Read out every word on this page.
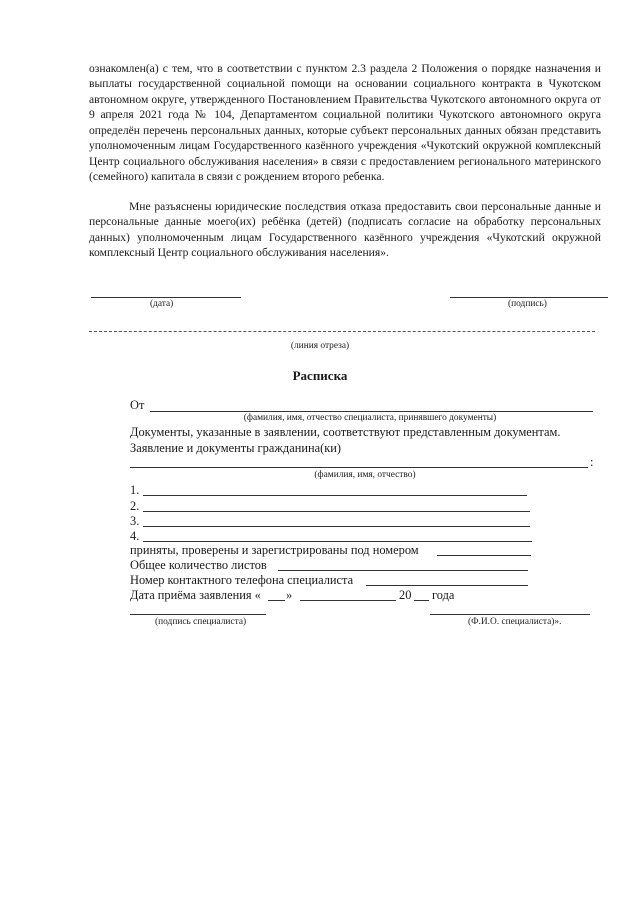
ознакомлен(а) с тем, что в соответствии с пунктом 2.3 раздела 2 Положения о порядке назначения и выплаты государственной социальной помощи на основании социального контракта в Чукотском автономном округе, утвержденного Постановлением Правительства Чукотского автономного округа от 9 апреля 2021 года № 104, Департаментом социальной политики Чукотского автономного округа определён перечень персональных данных, которые субъект персональных данных обязан представить уполномоченным лицам Государственного казённого учреждения «Чукотский окружной комплексный Центр социального обслуживания населения» в связи с предоставлением регионального материнского (семейного) капитала в связи с рождением второго ребенка.

Мне разъяснены юридические последствия отказа предоставить свои персональные данные и персональные данные моего(их) ребёнка (детей) (подписать согласие на обработку персональных данных) уполномоченным лицам Государственного казённого учреждения «Чукотский окружной комплексный Центр социального обслуживания населения».

(дата)	(подпись)
(линия отреза)
Расписка
От
(фамилия, имя, отчество специалиста, принявшего документы)
Документы, указанные в заявлении, соответствуют представленным документам.
Заявление и документы гражданина(ки)
:
(фамилия, имя, отчество)
1.
2.
3.
4.
приняты, проверены и зарегистрированы под номером
Общее количество листов
Номер контактного телефона специалиста
Дата приёма заявления « »	20 года
(подпись специалиста)	(Ф.И.О. специалиста)».
